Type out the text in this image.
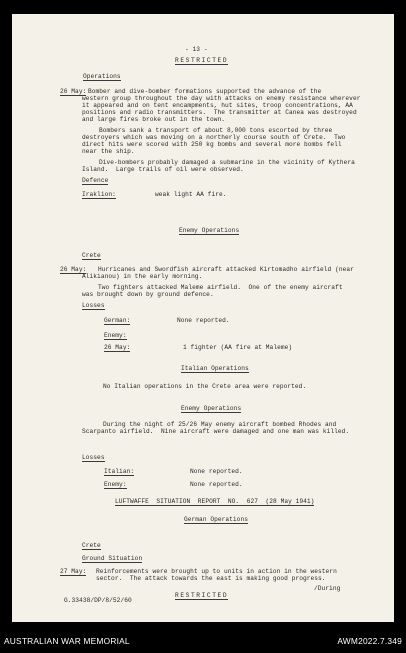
- 13 -
RESTRICTED
Operations
26 May: Bomber and dive-bomber formations supported the advance of the
western group throughout the day with attacks on enemy resistance wherever
it appeared and on tent encampments, hut sites, troop concentrations, AA
positions and radio transmitters.  The transmitter at Canea was destroyed
and large fires broke out in the town.
Bombers sank a transport of about 8,000 tons escorted by three
destroyers which was moving on a northerly course south of Crete.  Two
direct hits were scored with 250 kg bombs and several more bombs fell
near the ship.
Dive-bombers probably damaged a submarine in the vicinity of Kythera
Island.  Large trails of oil were observed.
Defence
Iraklion:	weak light AA fire.
Enemy Operations
Crete
26 May: Hurricanes and Swordfish aircraft attacked Kirtomadho airfield (near
Alikianou) in the early morning.
Two fighters attacked Maleme airfield.  One of the enemy aircraft
was brought down by ground defence.
Losses
German:	None reported.
Enemy:
26 May:	1 fighter (AA fire at Maleme)
Italian Operations
No Italian operations in the Crete area were reported.
Enemy Operations
During the night of 25/26 May enemy aircraft bombed Rhodes and
Scarpanto airfield.  Nine aircraft were damaged and one man was killed.
Losses
Italian:	None reported.
Enemy:	None reported.
LUFTWAFFE  SITUATION  REPORT  NO.  627  (28 May 1941)
German Operations
Crete
Ground Situation
27 May: Reinforcements were brought up to units in action in the western
sector.  The attack towards the east is making good progress.
/During
G.33438/DP/8/52/60
RESTRICTED
AUSTRALIAN WAR MEMORIAL	AWM2022.7.349
